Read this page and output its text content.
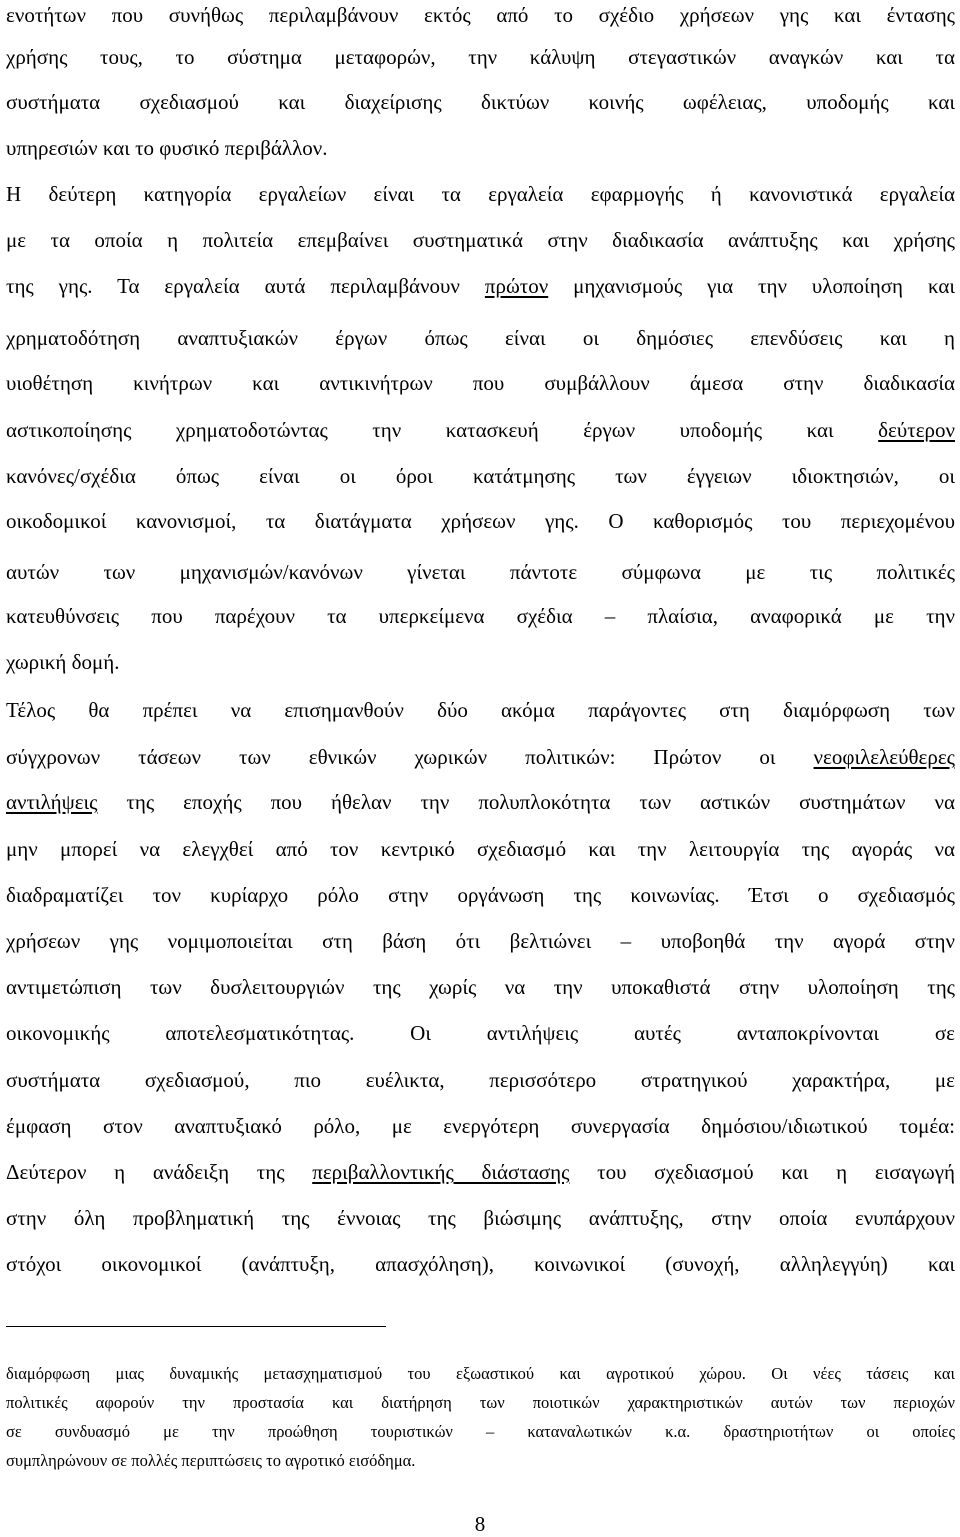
ενοτήτων που συνήθως περιλαμβάνουν εκτός από το σχέδιο χρήσεων γης και έντασης
χρήσης τους, το σύστημα μεταφορών, την κάλυψη στεγαστικών αναγκών και τα
συστήματα σχεδιασμού και διαχείρισης δικτύων κοινής ωφέλειας, υποδομής και
υπηρεσιών και το φυσικό περιβάλλον.
Η δεύτερη κατηγορία εργαλείων είναι τα εργαλεία εφαρμογής ή κανονιστικά εργαλεία
με τα οποία η πολιτεία επεμβαίνει συστηματικά στην διαδικασία ανάπτυξης και χρήσης
της γης. Τα εργαλεία αυτά περιλαμβάνουν πρώτον μηχανισμούς για την υλοποίηση και
χρηματοδότηση αναπτυξιακών έργων όπως είναι οι δημόσιες επενδύσεις και η
υιοθέτηση κινήτρων και αντικινήτρων που συμβάλλουν άμεσα στην διαδικασία
αστικοποίησης χρηματοδοτώντας την κατασκευή έργων υποδομής και δεύτερον
κανόνες/σχέδια όπως είναι οι όροι κατάτμησης των έγγειων ιδιοκτησιών, οι
οικοδομικοί κανονισμοί, τα διατάγματα χρήσεων γης. Ο καθορισμός του περιεχομένου
αυτών των μηχανισμών/κανόνων γίνεται πάντοτε σύμφωνα με τις πολιτικές
κατευθύνσεις που παρέχουν τα υπερκείμενα σχέδια – πλαίσια, αναφορικά με την
χωρική δομή.
Τέλος θα πρέπει να επισημανθούν δύο ακόμα παράγοντες στη διαμόρφωση των
σύγχρονων τάσεων των εθνικών χωρικών πολιτικών: Πρώτον οι νεοφιλελεύθερες
αντιλήψεις της εποχής που ήθελαν την πολυπλοκότητα των αστικών συστημάτων να
μην μπορεί να ελεγχθεί από τον κεντρικό σχεδιασμό και την λειτουργία της αγοράς να
διαδραματίζει τον κυρίαρχο ρόλο στην οργάνωση της κοινωνίας. Έτσι ο σχεδιασμός
χρήσεων γης νομιμοποιείται στη βάση ότι βελτιώνει – υποβοηθά την αγορά στην
αντιμετώπιση των δυσλειτουργιών της χωρίς να την υποκαθιστά στην υλοποίηση της
οικονομικής αποτελεσματικότητας. Οι αντιλήψεις αυτές ανταποκρίνονται σε
συστήματα σχεδιασμού, πιο ευέλικτα, περισσότερο στρατηγικού χαρακτήρα, με
έμφαση στον αναπτυξιακό ρόλο, με ενεργότερη συνεργασία δημόσιου/ιδιωτικού τομέα:
Δεύτερον η ανάδειξη της περιβαλλοντικής διάστασης του σχεδιασμού και η εισαγωγή
στην όλη προβληματική της έννοιας της βιώσιμης ανάπτυξης, στην οποία ενυπάρχουν
στόχοι οικονομικοί (ανάπτυξη, απασχόληση), κοινωνικοί (συνοχή, αλληλεγγύη) και
διαμόρφωση μιας δυναμικής μετασχηματισμού του εξωαστικού και αγροτικού χώρου. Οι νέες τάσεις και
πολιτικές αφορούν την προστασία και διατήρηση των ποιοτικών χαρακτηριστικών αυτών των περιοχών
σε συνδυασμό με την προώθηση τουριστικών – καταναλωτικών κ.α. δραστηριοτήτων οι οποίες
συμπληρώνουν σε πολλές περιπτώσεις το αγροτικό εισόδημα.
8
